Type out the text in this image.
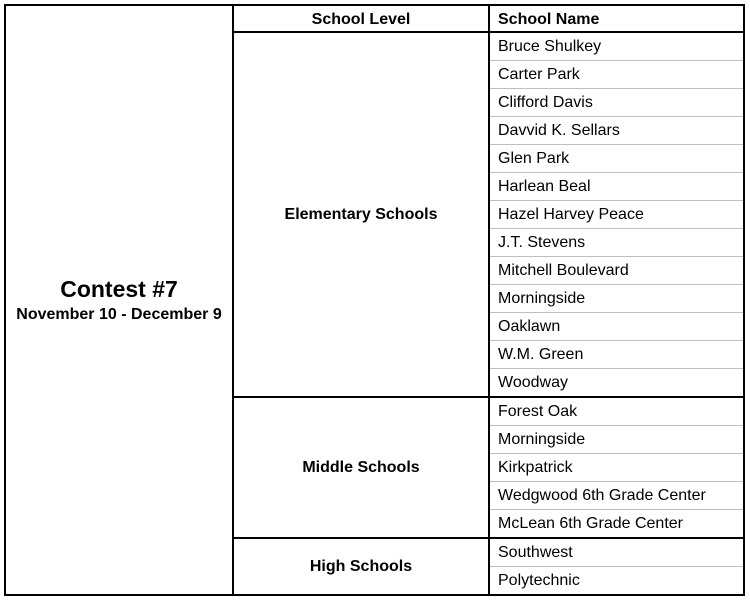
Contest #7
November 10 - December 9
School Level	School Name
Elementary Schools
Middle Schools
High Schools
Bruce Shulkey
Carter Park
Clifford Davis
Davvid K. Sellars
Glen Park
Harlean Beal
Hazel Harvey Peace
J.T. Stevens
Mitchell Boulevard
Morningside
Oaklawn
W.M. Green
Woodway
Forest Oak
Morningside
Kirkpatrick
Wedgwood 6th Grade Center
McLean 6th Grade Center
Southwest
Polytechnic
